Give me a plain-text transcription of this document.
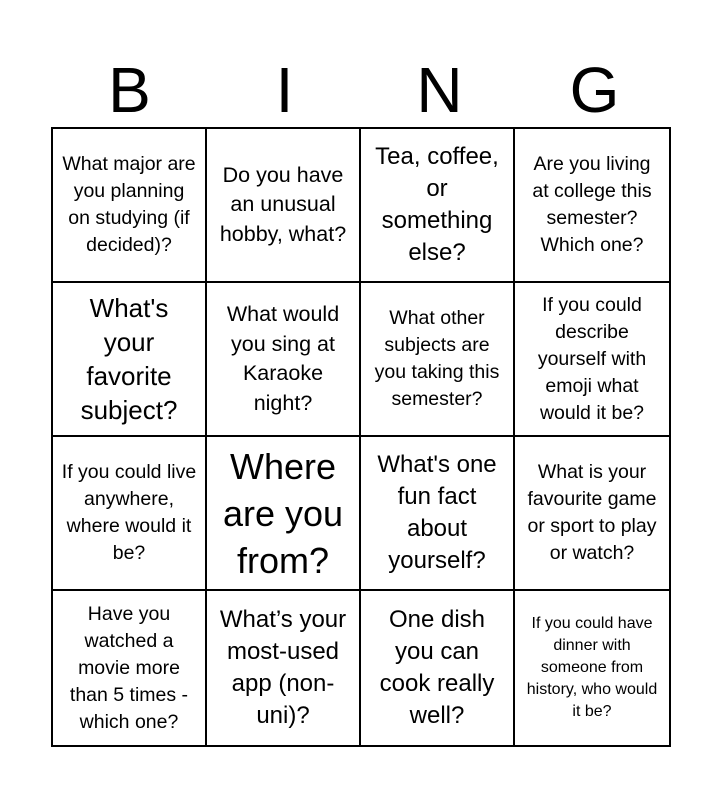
B	I	N	G
What major are you planning on studying (if decided)?
Do you have an unusual hobby, what?
Tea, coffee, or something else?
Are you living at college this semester? Which one?
What's your favorite subject?
What would you sing at Karaoke night?
What other subjects are you taking this semester?
If you could describe yourself with emoji what would it be?
If you could live anywhere, where would it be?
Where are you from?
What's one fun fact about yourself?
What is your favourite game or sport to play or watch?
Have you watched a movie more than 5 times -which one?
What’s your most-used app (non-uni)?
One dish you can cook really well?
If you could have dinner with someone from history, who would it be?
